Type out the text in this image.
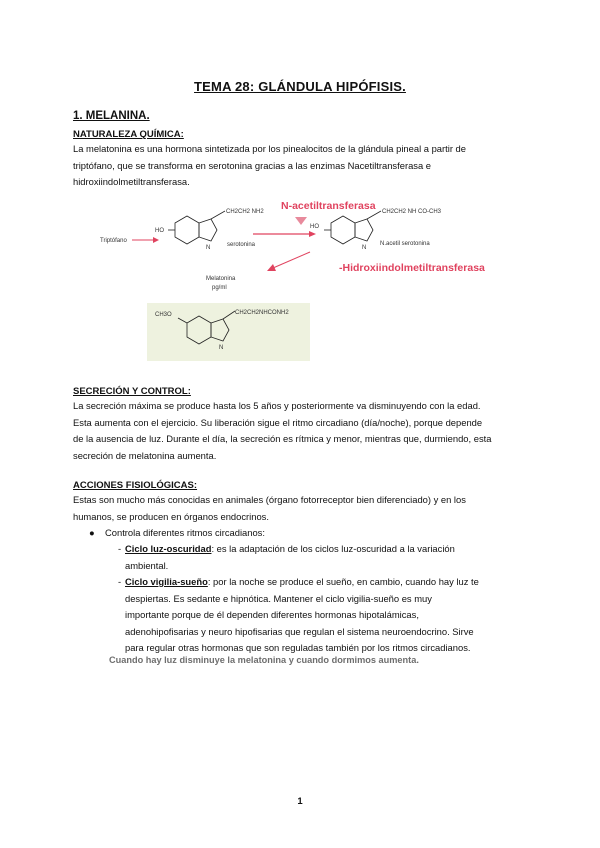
TEMA 28: GLÁNDULA HIPÓFISIS.
1. MELANINA.
NATURALEZA QUÍMICA:
La melatonina es una hormona sintetizada por los pinealocitos de la glándula pineal a partir de
triptófano, que se transforma en serotonina gracias a las enzimas Nacetiltransferasa e
hidroxiindolmetiltransferasa.
HO
CH2CH2 NH2
N	serotonina
Triptófano
N-acetiltransferasa
HO
CH2CH2 NH CO-CH3
N
N.acetil serotonina
-Hidroxiindolmetiltransferasa
Melatonina
pg/ml
CH3O	CH2CH2NHCONH2
N
SECRECIÓN Y CONTROL:
La secreción máxima se produce hasta los 5 años y posteriormente va disminuyendo con la edad.
Esta aumenta con el ejercicio. Su liberación sigue el ritmo circadiano (día/noche), porque depende
de la ausencia de luz. Durante el día, la secreción es rítmica y menor, mientras que, durmiendo, esta
secreción de melatonina aumenta.
ACCIONES FISIOLÓGICAS:
Estas son mucho más conocidas en animales (órgano fotorreceptor bien diferenciado) y en los
humanos, se producen en órganos endocrinos.
● Controla diferentes ritmos circadianos:
- Ciclo luz-oscuridad: es la adaptación de los ciclos luz-oscuridad a la variación
ambiental.
- Ciclo vigilia-sueño: por la noche se produce el sueño, en cambio, cuando hay luz te
despiertas. Es sedante e hipnótica. Mantener el ciclo vigilia-sueño es muy
importante porque de él dependen diferentes hormonas hipotalámicas,
adenohipofisarias y neuro hipofisarias que regulan el sistema neuroendocrino. Sirve
para regular otras hormonas que son reguladas también por los ritmos circadianos.
Cuando hay luz disminuye la melatonina y cuando dormimos aumenta.
1
